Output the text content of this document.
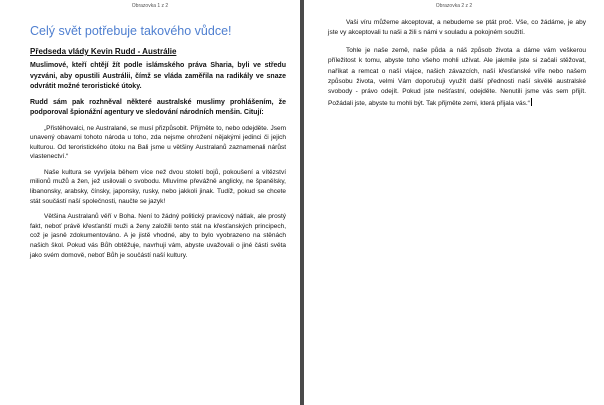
Obrazovka 1 z 2
Celý svět potřebuje takového vůdce!
Předseda vlády Kevin Rudd - Austrálie

Muslimové, kteří chtějí žít podle islámského práva Sharia, byli ve středu vyzváni, aby opustili Austrálii, čímž se vláda zaměřila na radikály ve snaze odvrátit možné teroristické útoky.

Rudd sám pak rozhněval některé australské muslimy prohlášením, že podporoval špionážní agentury ve sledování národních menšin. Citují:

„Přistěhovalci, ne Australané, se musí přizpůsobit. Přijměte to, nebo odejděte. Jsem unavený obavami tohoto národa u toho, zda nejsme ohrožení nějakými jedinci či jejich kulturou. Od teroristického útoku na Bali jsme u většiny Australanů zaznamenali nárůst vlastenectví.“

Naše kultura se vyvíjela během více než dvou století bojů, pokoušení a vítězství milionů mužů a žen, jež usilovali o svobodu. Mluvíme převážně anglicky, ne španělsky, libanonsky, arabsky, čínsky, japonsky, rusky, nebo jakkoli jinak. Tudíž, pokud se chcete stát součástí naší společnosti, naučte se jazyk!

Většina Australanů věří v Boha. Není to žádný politický pravicový nátlak, ale prostý fakt, neboť právě křesťanští muži a ženy založili tento stát na křesťanských principech, což je jasně zdokumentováno. A je jistě vhodné, aby to bylo vyobrazeno na stěnách našich škol. Pokud vás Bůh obtěžuje, navrhuji vám, abyste uvažovali o jiné části světa jako svém domově, neboť Bůh je součástí naší kultury.

Obrazovka 2 z 2

Vaši víru můžeme akceptovat, a nebudeme se ptát proč. Vše, co žádáme, je aby jste vy akceptovali tu naši a žili s námi v souladu a pokojném soužití.

Tohle je naše země, naše půda a náš způsob života a dáme vám veškerou příležitost k tomu, abyste toho všeho mohli užívat. Ale jakmile jste si začali stěžovat, naříkat a remcat o naší vlajce, našich závazcích, naší křesťanské víře nebo našem způsobu života, velmi Vám doporučuji využít další přednosti naší skvělé australské svobody - právo odejít. Pokud jste nešťastní, odejděte. Nenutili jsme vás sem přijít. Požádali jste, abyste tu mohli být. Tak přijměte zemi, která přijala vás.“
